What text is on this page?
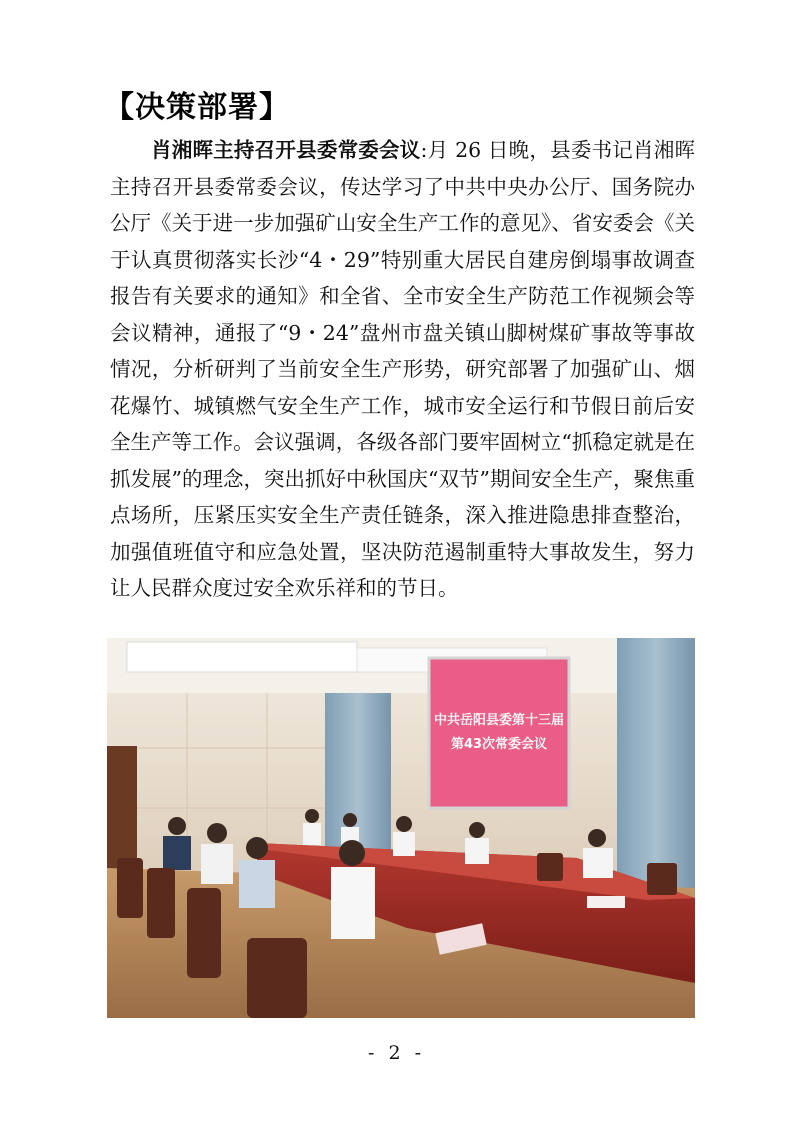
【决策部署】

肖湘晖主持召开县委常委会议:月 26 日晚，县委书记肖湘晖主持召开县委常委会议，传达学习了中共中央办公厅、国务院办公厅《关于进一步加强矿山安全生产工作的意见》、省安委会《关于认真贯彻落实长沙“4・29”特别重大居民自建房倒塌事故调查报告有关要求的通知》和全省、全市安全生产防范工作视频会等会议精神，通报了“9・24”盘州市盘关镇山脚树煤矿事故等事故情况，分析研判了当前安全生产形势，研究部署了加强矿山、烟花爆竹、城镇燃气安全生产工作，城市安全运行和节假日前后安全生产等工作。会议强调，各级各部门要牢固树立“抓稳定就是在抓发展”的理念，突出抓好中秋国庆“双节”期间安全生产，聚焦重点场所，压紧压实安全生产责任链条，深入推进隐患排查整治，加强值班值守和应急处置，坚决防范遏制重特大事故发生，努力让人民群众度过安全欢乐祥和的节日。

中共岳阳县委第十三届
第43次常委会议
- 2 -
